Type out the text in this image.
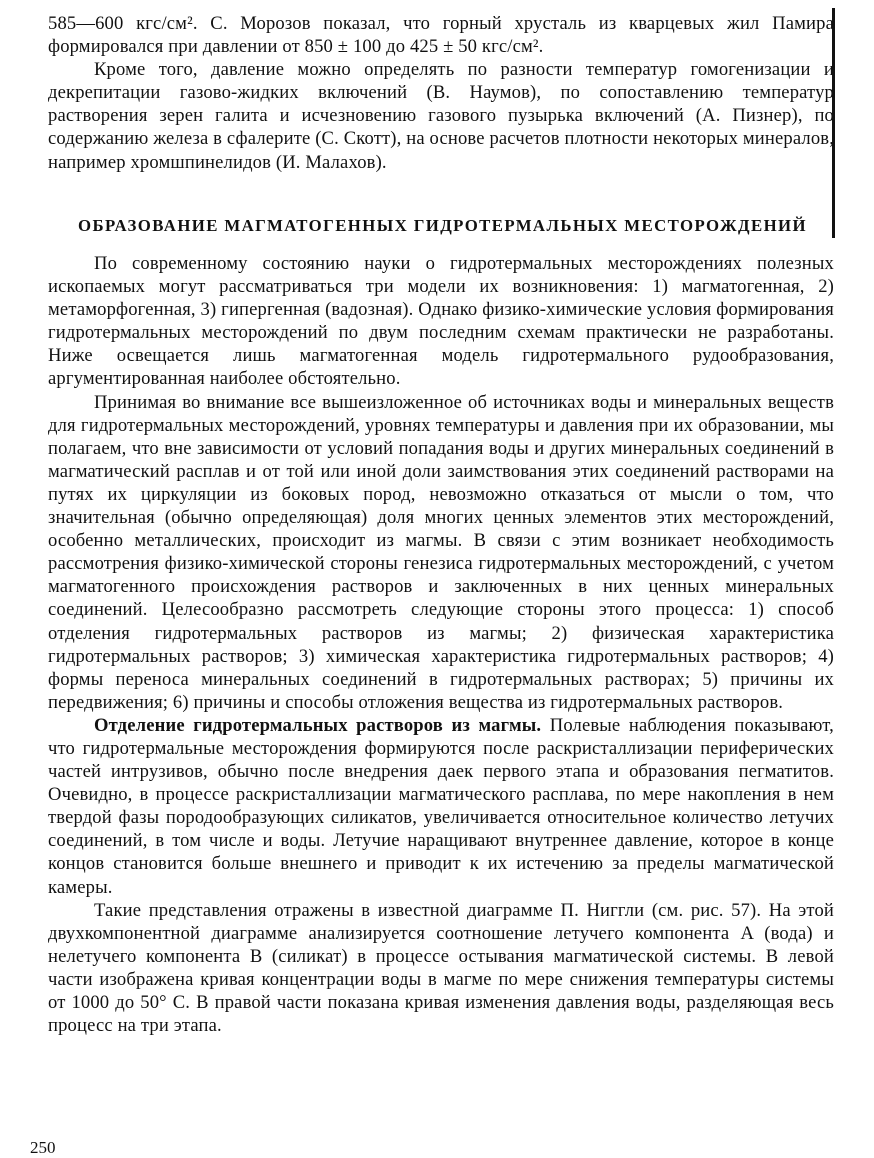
585—600 кгс/см². С. Морозов показал, что горный хрусталь из кварцевых жил Памира формировался при давлении от 850 ± 100 до 425 ± 50 кгс/см².

Кроме того, давление можно определять по разности температур гомогенизации и декрепитации газово-жидких включений (В. Наумов), по сопоставлению температур растворения зерен галита и исчезновению газового пузырька включений (А. Пизнер), по содержанию железа в сфалерите (С. Скотт), на основе расчетов плотности некоторых минералов, например хромшпинелидов (И. Малахов).

ОБРАЗОВАНИЕ МАГМАТОГЕННЫХ ГИДРОТЕРМАЛЬНЫХ МЕСТОРОЖДЕНИЙ

По современному состоянию науки о гидротермальных месторождениях полезных ископаемых могут рассматриваться три модели их возникновения: 1) магматогенная, 2) метаморфогенная, 3) гипергенная (вадозная). Однако физико-химические условия формирования гидротермальных месторождений по двум последним схемам практически не разработаны. Ниже освещается лишь магматогенная модель гидротермального рудообразования, аргументированная наиболее обстоятельно.

Принимая во внимание все вышеизложенное об источниках воды и минеральных веществ для гидротермальных месторождений, уровнях температуры и давления при их образовании, мы полагаем, что вне зависимости от условий попадания воды и других минеральных соединений в магматический расплав и от той или иной доли заимствования этих соединений растворами на путях их циркуляции из боковых пород, невозможно отказаться от мысли о том, что значительная (обычно определяющая) доля многих ценных элементов этих месторождений, особенно металлических, происходит из магмы. В связи с этим возникает необходимость рассмотрения физико-химической стороны генезиса гидротермальных месторождений, с учетом магматогенного происхождения растворов и заключенных в них ценных минеральных соединений. Целесообразно рассмотреть следующие стороны этого процесса: 1) способ отделения гидротермальных растворов из магмы; 2) физическая характеристика гидротермальных растворов; 3) химическая характеристика гидротермальных растворов; 4) формы переноса минеральных соединений в гидротермальных растворах; 5) причины их передвижения; 6) причины и способы отложения вещества из гидротермальных растворов.

Отделение гидротермальных растворов из магмы. Полевые наблюдения показывают, что гидротермальные месторождения формируются после раскристаллизации периферических частей интрузивов, обычно после внедрения даек первого этапа и образования пегматитов. Очевидно, в процессе раскристаллизации магматического расплава, по мере накопления в нем твердой фазы породообразующих силикатов, увеличивается относительное количество летучих соединений, в том числе и воды. Летучие наращивают внутреннее давление, которое в конце концов становится больше внешнего и приводит к их истечению за пределы магматической камеры.

Такие представления отражены в известной диаграмме П. Ниггли (см. рис. 57). На этой двухкомпонентной диаграмме анализируется соотношение летучего компонента A (вода) и нелетучего компонента B (силикат) в процессе остывания магматической системы. В левой части изображена кривая концентрации воды в магме по мере снижения температуры системы от 1000 до 50° C. В правой части показана кривая изменения давления воды, разделяющая весь процесс на три этапа.

250
